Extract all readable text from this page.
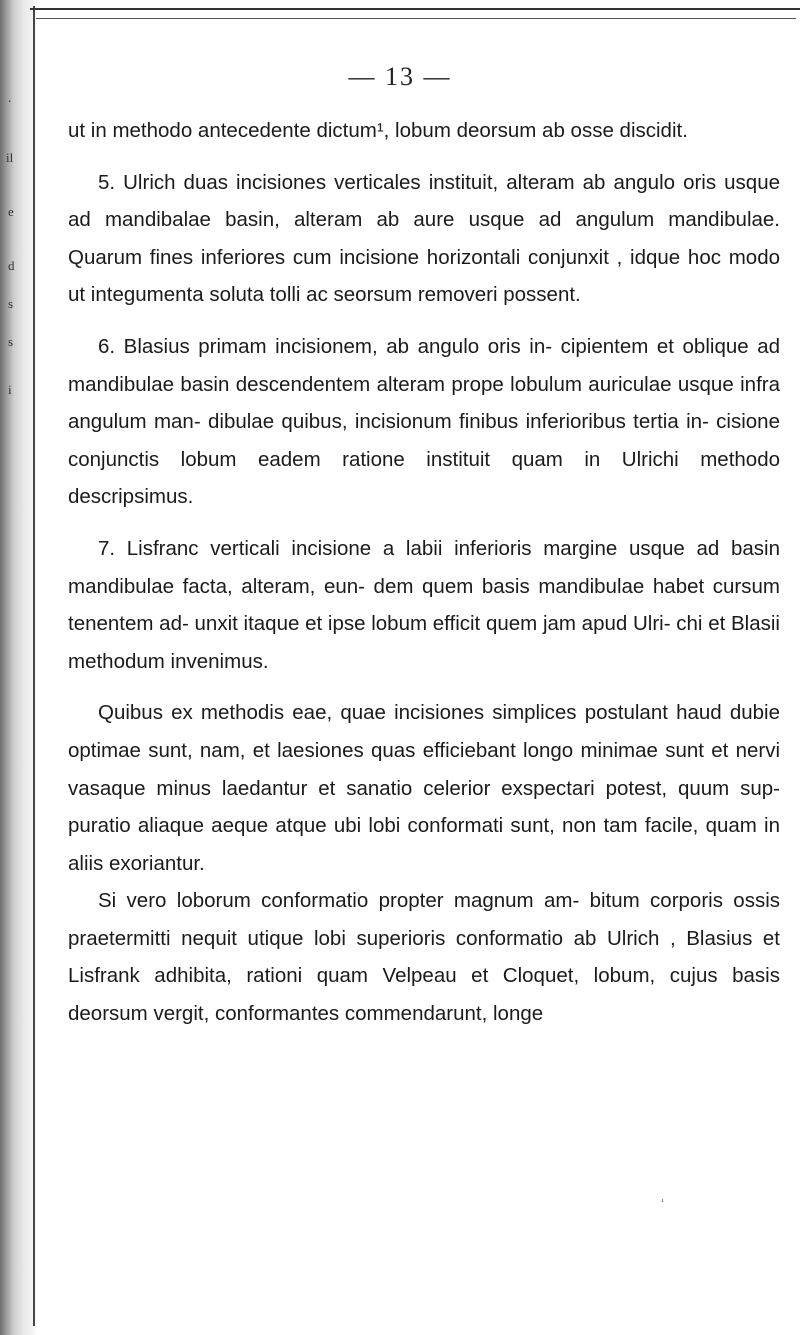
.
il
e
d
s
s
i
— 13 —

ut in methodo antecedente dictum¹, lobum deorsum ab osse discidit.

5. Ulrich duas incisiones verticales instituit, alteram ab angulo oris usque ad mandibalae basin, alteram ab aure usque ad angulum mandibulae. Quarum fines inferiores cum incisione horizontali conjunxit , idque hoc modo ut integumenta soluta tolli ac seorsum removeri possent.

6. Blasius primam incisionem, ab angulo oris in- cipientem et oblique ad mandibulae basin descendentem alteram prope lobulum auriculae usque infra angulum man- dibulae quibus, incisionum finibus inferioribus tertia in- cisione conjunctis lobum eadem ratione instituit quam in Ulrichi methodo descripsimus.

7. Lisfranc verticali incisione a labii inferioris margine usque ad basin mandibulae facta, alteram, eun- dem quem basis mandibulae habet cursum tenentem ad- unxit itaque et ipse lobum efficit quem jam apud Ulri- chi et Blasii methodum invenimus.

Quibus ex methodis eae, quae incisiones simplices postulant haud dubie optimae sunt, nam, et laesiones quas efficiebant longo minimae sunt et nervi vasaque minus laedantur et sanatio celerior exspectari potest, quum sup- puratio aliaque aeque atque ubi lobi conformati sunt, non tam facile, quam in aliis exoriantur.

Si vero loborum conformatio propter magnum am- bitum corporis ossis praetermitti nequit utique lobi superioris conformatio ab Ulrich , Blasius et Lisfrank adhibita, rationi quam Velpeau et Cloquet, lobum, cujus basis deorsum vergit, conformantes commendarunt, longe

ʻ
